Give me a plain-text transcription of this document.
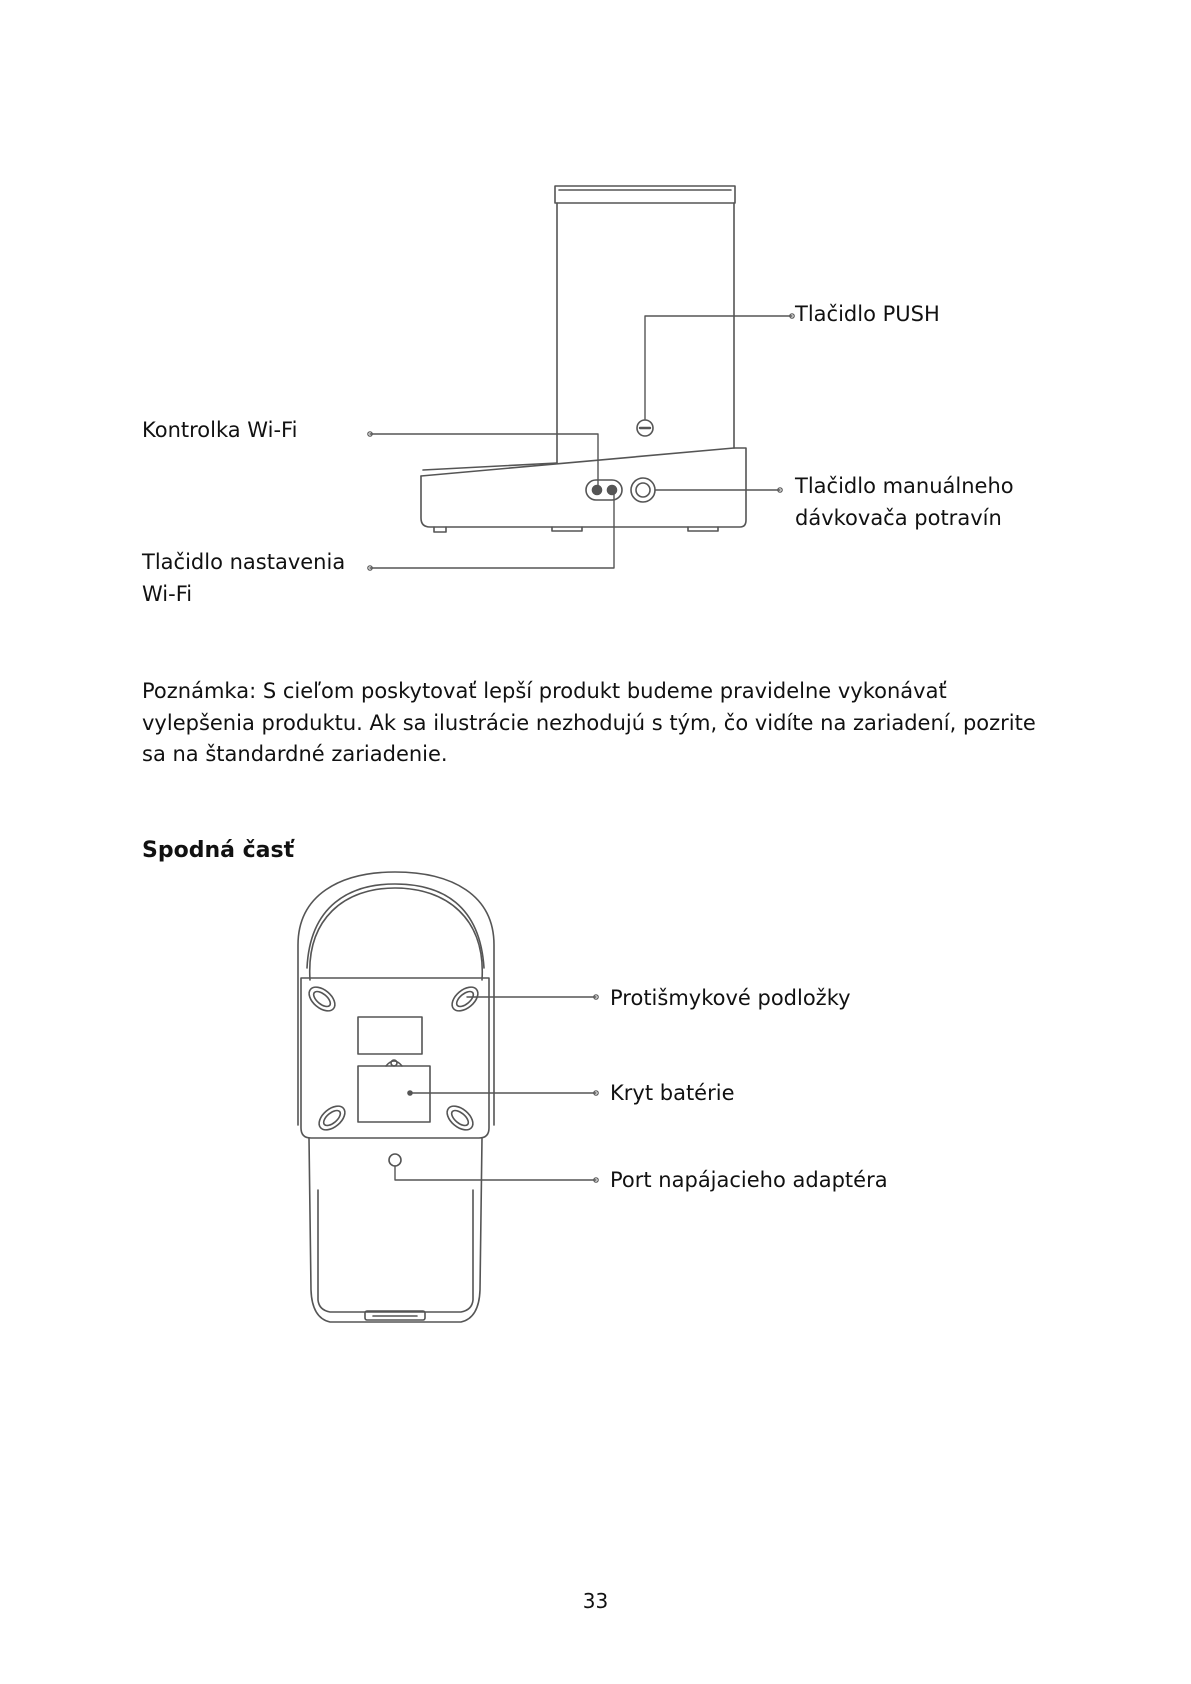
Tlačidlo PUSH
Kontrolka Wi-Fi
Tlačidlo manuálneho
dávkovača potravín
Tlačidlo nastavenia
Wi-Fi

Poznámka: S cieľom poskytovať lepší produkt budeme pravidelne vykonávať vylepšenia produktu. Ak sa ilustrácie nezhodujú s tým, čo vidíte na zariadení, pozrite sa na štandardné zariadenie.

Spodná časť
Protišmykové podložky
Kryt batérie
Port napájacieho adaptéra
33
